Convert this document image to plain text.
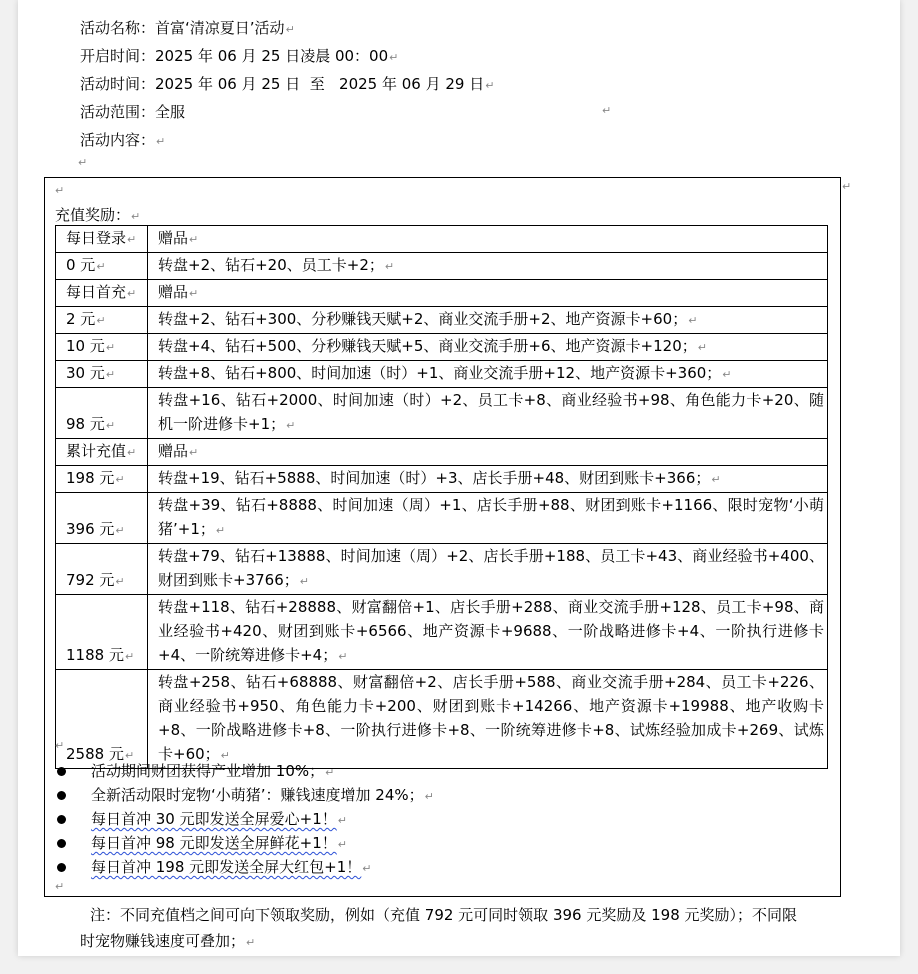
活动名称：首富‘清凉夏日’活动↵
开启时间：2025 年 06 月 25 日凌晨 00：00↵
活动时间：2025 年 06 月 25 日  至   2025 年 06 月 29 日↵
活动范围：全服
活动内容：↵
↵
↵
↵
↵
充值奖励：↵
每日登录↵	赠品↵
0 元↵	转盘+2、钻石+20、员工卡+2；↵
每日首充↵	赠品↵
2 元↵	转盘+2、钻石+300、分秒赚钱天赋+2、商业交流手册+2、地产资源卡+60；↵
10 元↵	转盘+4、钻石+500、分秒赚钱天赋+5、商业交流手册+6、地产资源卡+120；↵
30 元↵	转盘+8、钻石+800、时间加速（时）+1、商业交流手册+12、地产资源卡+360；↵
98 元↵	转盘+16、钻石+2000、时间加速（时）+2、员工卡+8、商业经验书+98、角色能力卡+20、随机一阶进修卡+1；↵
累计充值↵	赠品↵
198 元↵	转盘+19、钻石+5888、时间加速（时）+3、店长手册+48、财团到账卡+366；↵
396 元↵	转盘+39、钻石+8888、时间加速（周）+1、店长手册+88、财团到账卡+1166、限时宠物‘小萌猪’+1；↵
792 元↵	转盘+79、钻石+13888、时间加速（周）+2、店长手册+188、员工卡+43、商业经验书+400、财团到账卡+3766；↵
1188 元↵	转盘+118、钻石+28888、财富翻倍+1、店长手册+288、商业交流手册+128、员工卡+98、商业经验书+420、财团到账卡+6566、地产资源卡+9688、一阶战略进修卡+4、一阶执行进修卡+4、一阶统筹进修卡+4；↵
2588 元↵	转盘+258、钻石+68888、财富翻倍+2、店长手册+588、商业交流手册+284、员工卡+226、商业经验书+950、角色能力卡+200、财团到账卡+14266、地产资源卡+19988、地产收购卡+8、一阶战略进修卡+8、一阶执行进修卡+8、一阶统筹进修卡+8、试炼经验加成卡+269、试炼卡+60；↵
↵
活动期间财团获得产业增加 10%；↵
全新活动限时宠物‘小萌猪’：赚钱速度增加 24%；↵
每日首冲 30 元即发送全屏爱心+1！↵
每日首冲 98 元即发送全屏鲜花+1！↵
每日首冲 198 元即发送全屏大红包+1！↵
↵
注：不同充值档之间可向下领取奖励，例如（充值 792 元可同时领取 396 元奖励及 198 元奖励）；不同限时宠物赚钱速度可叠加；↵
